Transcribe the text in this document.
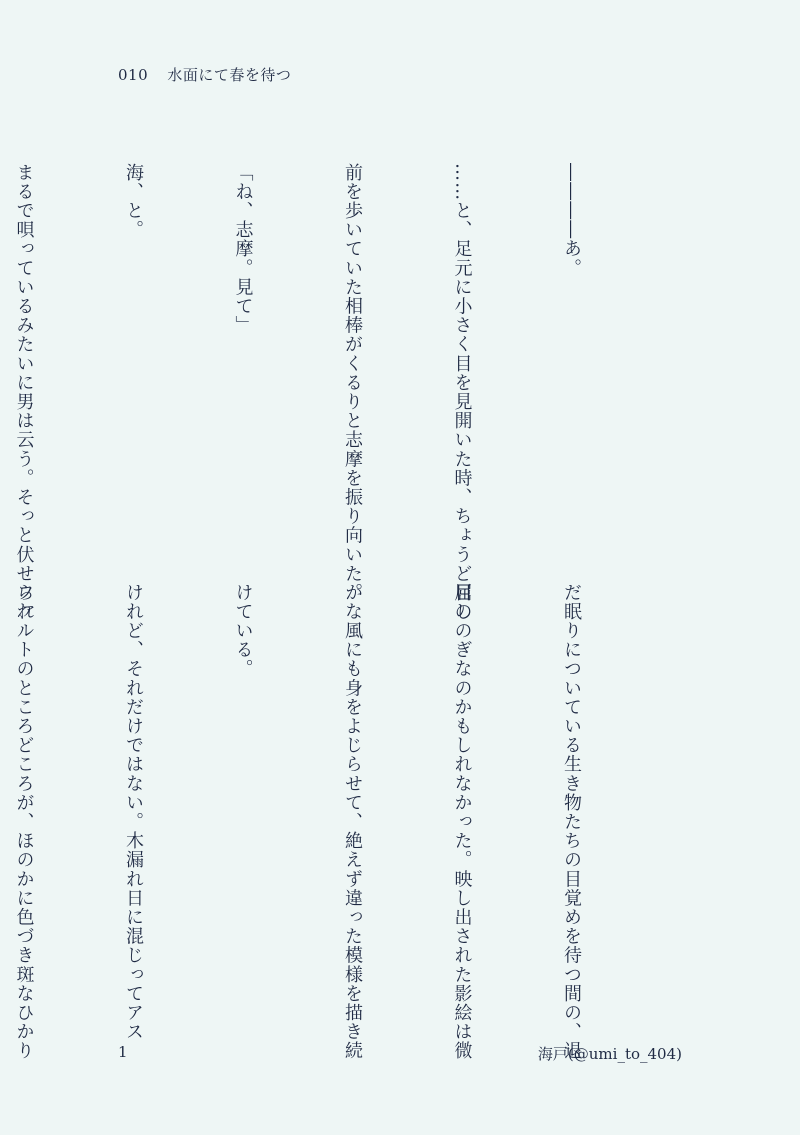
010 水面にて春を待つ

――――あ。

……と、足元に小さく目を見開いた時、ちょうど目の

前を歩いていた相棒がくるりと志摩を振り向いた。

「ね、志摩。見て」

海、と。

まるで唄っているみたいに男は云う。そっと伏せられ

だ眠りについている生き物たちの目覚めを待つ間の、退

屈しのぎなのかもしれなかった。映し出された影絵は微

かな風にも身をよじらせて、絶えず違った模様を描き続

けている。

けれど、それだけではない。木漏れ日に混じってアス

ファルトのところどころが、ほのかに色づき斑なひかり

	1	海戸(@umi_to_404)
